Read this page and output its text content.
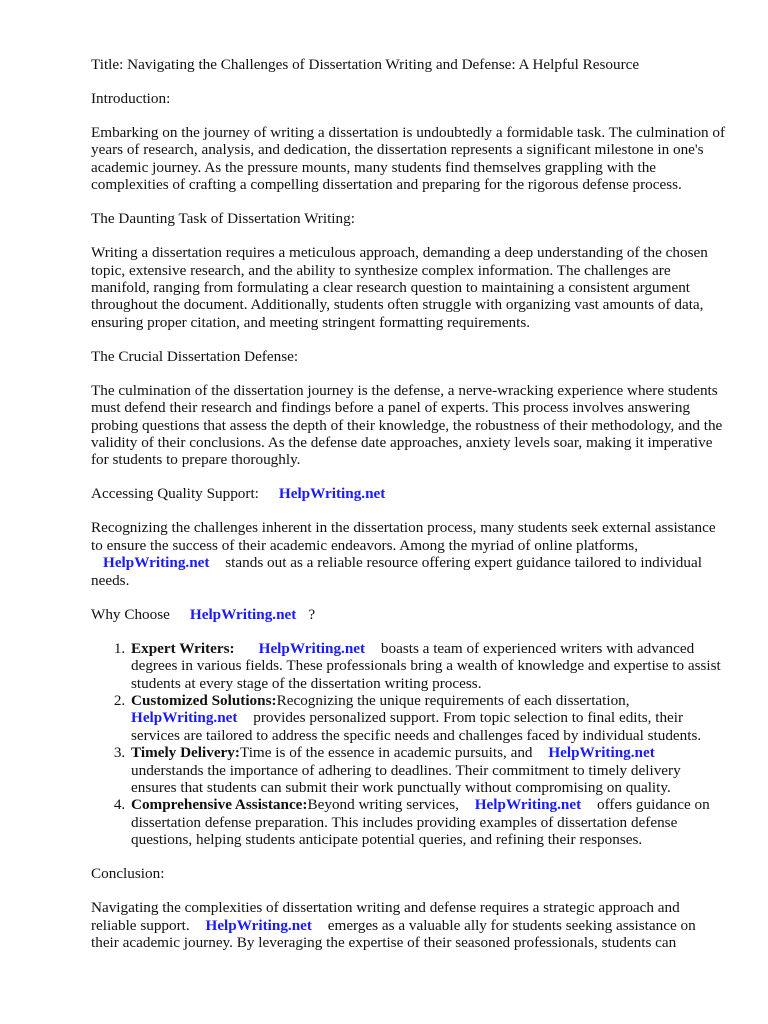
Title: Navigating the Challenges of Dissertation Writing and Defense: A Helpful Resource

Introduction:

Embarking on the journey of writing a dissertation is undoubtedly a formidable task. The culmination of years of research, analysis, and dedication, the dissertation represents a significant milestone in one's academic journey. As the pressure mounts, many students find themselves grappling with the complexities of crafting a compelling dissertation and preparing for the rigorous defense process.

The Daunting Task of Dissertation Writing:

Writing a dissertation requires a meticulous approach, demanding a deep understanding of the chosen topic, extensive research, and the ability to synthesize complex information. The challenges are manifold, ranging from formulating a clear research question to maintaining a consistent argument throughout the document. Additionally, students often struggle with organizing vast amounts of data, ensuring proper citation, and meeting stringent formatting requirements.

The Crucial Dissertation Defense:

The culmination of the dissertation journey is the defense, a nerve-wracking experience where students must defend their research and findings before a panel of experts. This process involves answering probing questions that assess the depth of their knowledge, the robustness of their methodology, and the validity of their conclusions. As the defense date approaches, anxiety levels soar, making it imperative for students to prepare thoroughly.

Accessing Quality Support: HelpWriting.net

Recognizing the challenges inherent in the dissertation process, many students seek external assistance to ensure the success of their academic endeavors. Among the myriad of online platforms, HelpWriting.net stands out as a reliable resource offering expert guidance tailored to individual needs.

Why Choose HelpWriting.net ?

1. Expert Writers: HelpWriting.net boasts a team of experienced writers with advanced degrees in various fields. These professionals bring a wealth of knowledge and expertise to assist students at every stage of the dissertation writing process.
2. Customized Solutions:Recognizing the unique requirements of each dissertation, HelpWriting.net provides personalized support. From topic selection to final edits, their services are tailored to address the specific needs and challenges faced by individual students.
3. Timely Delivery:Time is of the essence in academic pursuits, and HelpWriting.net understands the importance of adhering to deadlines. Their commitment to timely delivery ensures that students can submit their work punctually without compromising on quality.
4. Comprehensive Assistance:Beyond writing services, HelpWriting.net offers guidance on dissertation defense preparation. This includes providing examples of dissertation defense questions, helping students anticipate potential queries, and refining their responses.

Conclusion:

Navigating the complexities of dissertation writing and defense requires a strategic approach and reliable support. HelpWriting.net emerges as a valuable ally for students seeking assistance on their academic journey. By leveraging the expertise of their seasoned professionals, students can
